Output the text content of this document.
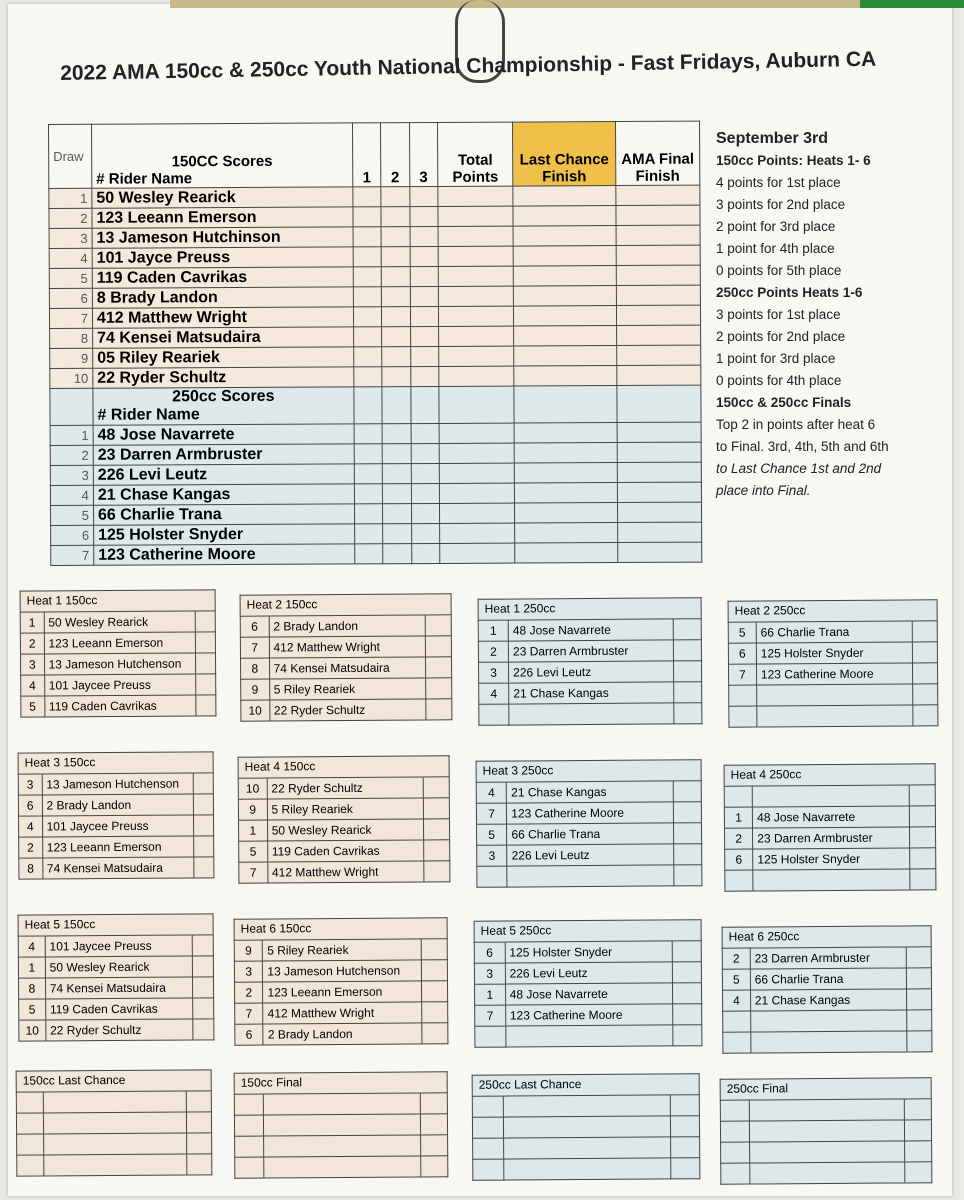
2022 AMA 150cc & 250cc Youth National Championship - Fast Fridays, Auburn CA
Draw	150CC Scores
# Rider Name	1	2	3	Total Points	Last Chance Finish	AMA Final Finish
1	50 Wesley Rearick						
2	123 Leeann Emerson						
3	13 Jameson Hutchinson						
4	101 Jayce Preuss						
5	119 Caden Cavrikas						
6	8 Brady Landon						
7	412 Matthew Wright						
8	74 Kensei Matsudaira						
9	05 Riley Reariek						
10	22 Ryder Schultz						

	250cc Scores
# Rider Name						

1	48 Jose Navarrete						
2	23 Darren Armbruster						
3	226 Levi Leutz						
4	21 Chase Kangas						
5	66 Charlie Trana						
6	125 Holster Snyder						
7	123 Catherine Moore						
September 3rd
150cc Points: Heats 1- 6
4 points for 1st place
3 points for 2nd place
2 point for 3rd place
1 point for 4th place
0 points for 5th place
250cc Points Heats 1-6
3 points for 1st place
2 points for 2nd place
1 point for 3rd place
0 points for 4th place
150cc & 250cc Finals
Top 2 in points after heat 6
to Final. 3rd, 4th, 5th and 6th
to Last Chance 1st and 2nd
place into Final.
Heat 1 150cc
1	50 Wesley Rearick	
2	123 Leeann Emerson	
3	13 Jameson Hutchenson	
4	101 Jaycee Preuss	
5	119 Caden Cavrikas	
Heat 2 150cc
6	2 Brady Landon	
7	412 Matthew Wright	
8	74 Kensei Matsudaira	
9	5 Riley Reariek	
10	22 Ryder Schultz	
Heat 1 250cc
1	48 Jose Navarrete	
2	23 Darren Armbruster	
3	226 Levi Leutz	
4	21 Chase Kangas	

Heat 2 250cc
5	66 Charlie Trana	
6	125 Holster Snyder	
7	123 Catherine Moore	

Heat 3 150cc
3	13 Jameson Hutchenson	
6	2 Brady Landon	
4	101 Jaycee Preuss	
2	123 Leeann Emerson	
8	74 Kensei Matsudaira	
Heat 4 150cc
10	22 Ryder Schultz	
9	5 Riley Reariek	
1	50 Wesley Rearick	
5	119 Caden Cavrikas	
7	412 Matthew Wright	
Heat 3 250cc
4	21 Chase Kangas	
7	123 Catherine Moore	
5	66 Charlie Trana	
3	226 Levi Leutz	

Heat 4 250cc

1	48 Jose Navarrete	
2	23 Darren Armbruster	
6	125 Holster Snyder	

Heat 5 150cc
4	101 Jaycee Preuss	
1	50 Wesley Rearick	
8	74 Kensei Matsudaira	
5	119 Caden Cavrikas	
10	22 Ryder Schultz	
Heat 6 150cc
9	5 Riley Reariek	
3	13 Jameson Hutchenson	
2	123 Leeann Emerson	
7	412 Matthew Wright	
6	2 Brady Landon	
Heat 5 250cc
6	125 Holster Snyder	
3	226 Levi Leutz	
1	48 Jose Navarrete	
7	123 Catherine Moore	

Heat 6 250cc
2	23 Darren Armbruster	
5	66 Charlie Trana	
4	21 Chase Kangas	

150cc Last Chance

			150cc Final

			250cc Last Chance

			250cc Final
